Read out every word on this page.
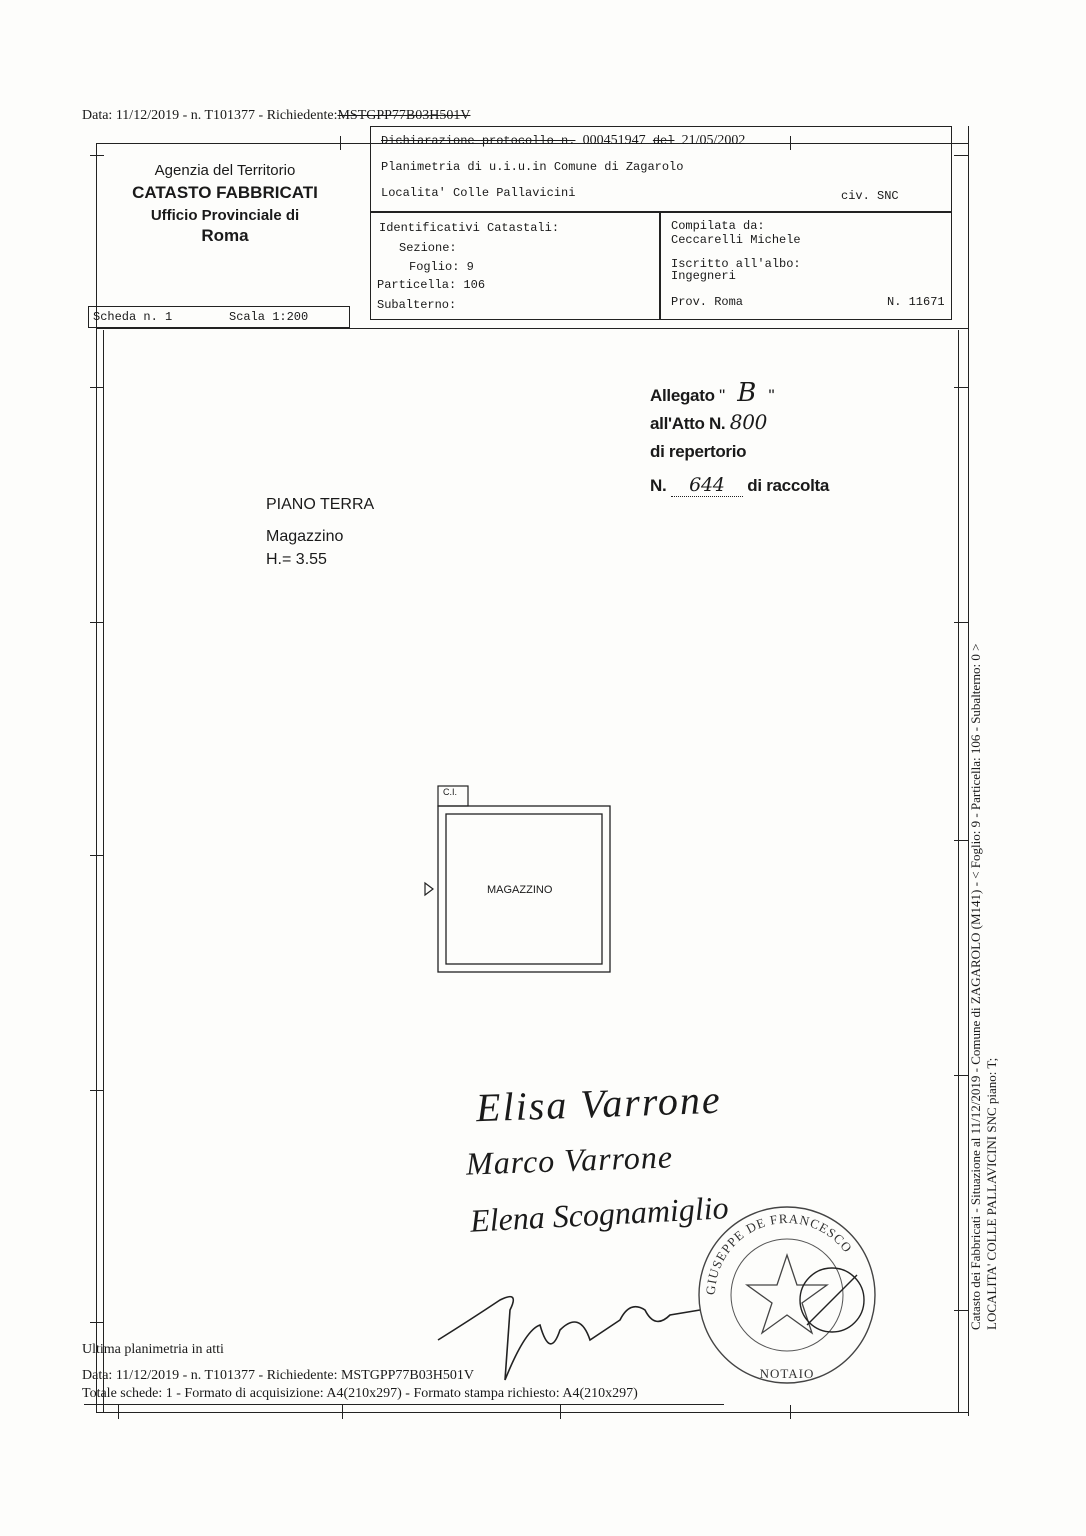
Data: 11/12/2019 - n. T101377 - Richiedente:MSTGPP77B03H501V
Agenzia del Territorio
CATASTO FABBRICATI
Ufficio Provinciale di
Roma
Dichiarazione protocollo n. 000451947 del 21/05/2002
Planimetria di u.i.u.in Comune di Zagarolo
Localita' Colle Pallavicini	civ. SNC
Identificativi Catastali:
Sezione:
Foglio: 9
Particella: 106
Subalterno:
Compilata da:
Ceccarelli Michele
Iscritto all'albo:
Ingegneri
Prov. Roma	N. 11671
Scheda n. 1	Scala 1:200
Allegato " B "
all'Atto N. 800
di repertorio
N. 644 di raccolta
PIANO TERRA
Magazzino
H.= 3.55
C.I.
MAGAZZINO
Elisa Varrone
Marco Varrone
Elena Scognamiglio
GIUSEPPE DE FRANCESCO
NOTAIO
Ultima planimetria in atti
Data: 11/12/2019 - n. T101377 - Richiedente: MSTGPP77B03H501V
Totale schede: 1 - Formato di acquisizione: A4(210x297) - Formato stampa richiesto: A4(210x297)
Catasto dei Fabbricati - Situazione al 11/12/2019 - Comune di ZAGAROLO (M141) - < Foglio: 9 - Particella: 106 - Subalterno: 0 > LOCALITA' COLLE PALLAVICINI SNC piano: T;
